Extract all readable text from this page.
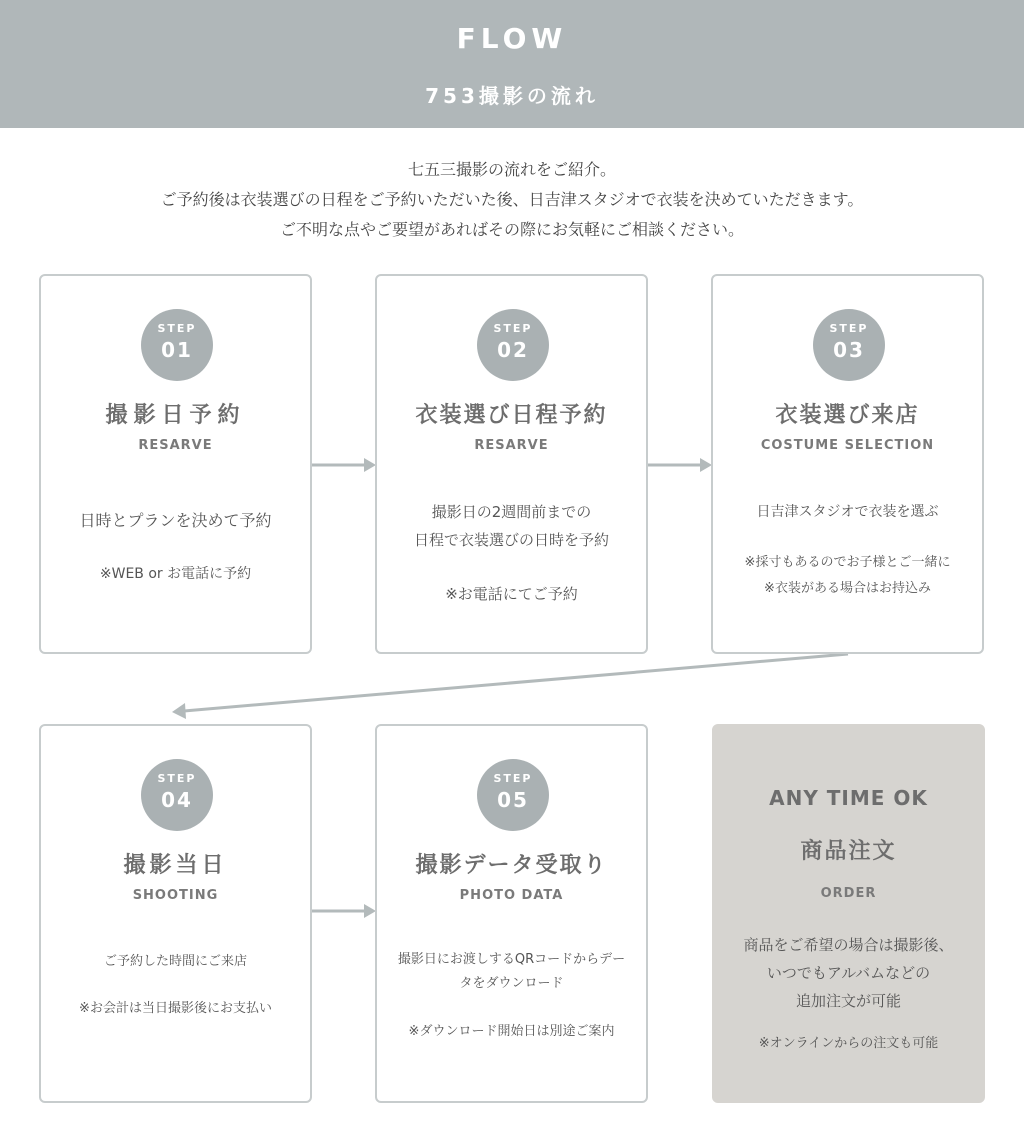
FLOW
753撮影の流れ
七五三撮影の流れをご紹介。
ご予約後は衣装選びの日程をご予約いただいた後、日吉津スタジオで衣装を決めていただきます。
ご不明な点やご要望があればその際にお気軽にご相談ください。
STEP
01
撮影日予約
RESARVE
日時とプランを決めて予約
※WEB or お電話に予約
STEP
02
衣装選び日程予約
RESARVE
撮影日の2週間前までの
日程で衣装選びの日時を予約
※お電話にてご予約
STEP
03
衣装選び来店
COSTUME SELECTION
日吉津スタジオで衣装を選ぶ
※採寸もあるのでお子様とご一緒に
※衣装がある場合はお持込み
STEP
04
撮影当日
SHOOTING
ご予約した時間にご来店
※お会計は当日撮影後にお支払い
STEP
05
撮影データ受取り
PHOTO DATA
撮影日にお渡しするQRコードからデー
タをダウンロード
※ダウンロード開始日は別途ご案内
ANY TIME OK
商品注文
ORDER
商品をご希望の場合は撮影後、
いつでもアルバムなどの
追加注文が可能
※オンラインからの注文も可能
